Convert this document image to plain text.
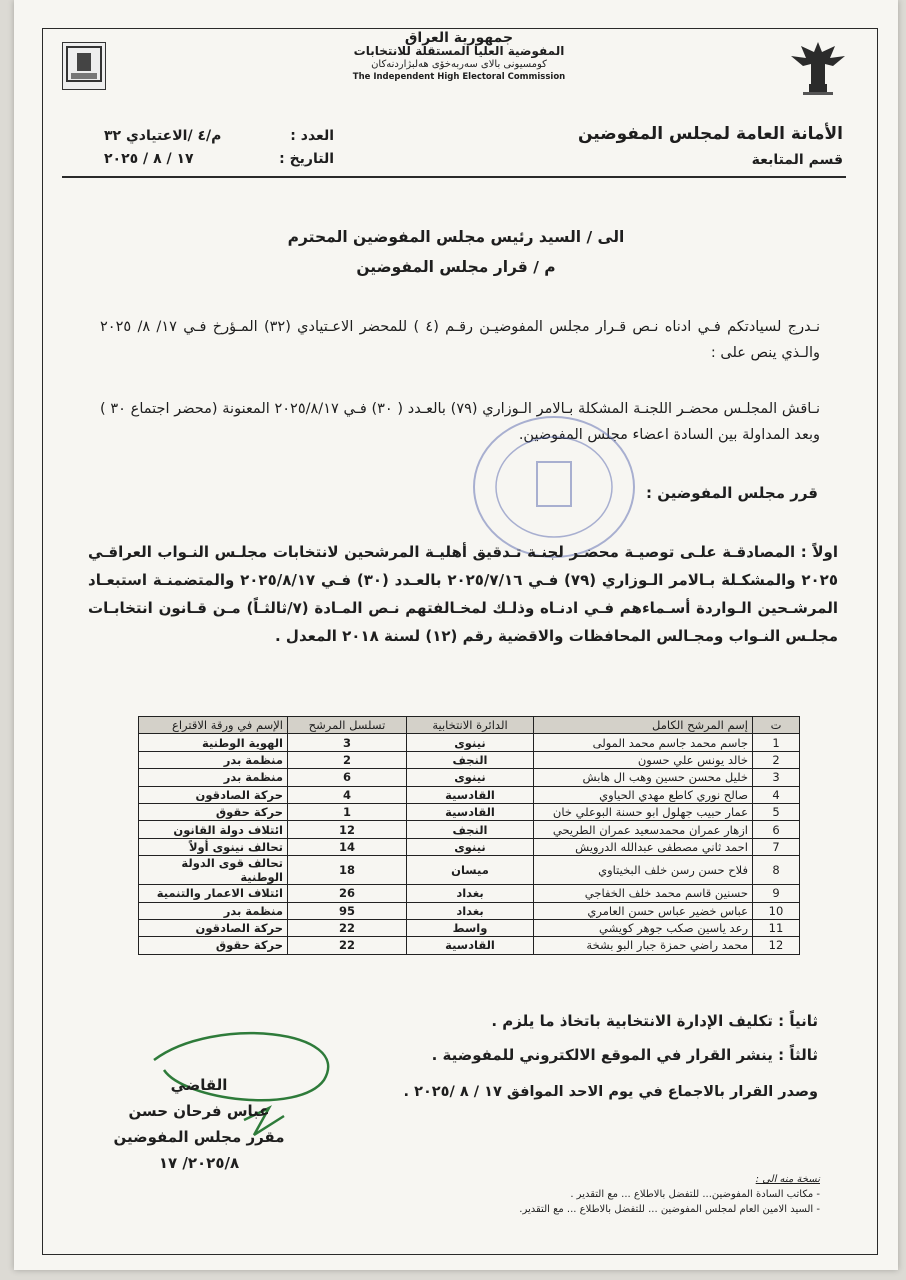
جمهورية العراق
المفوضية العليا المستقلة للانتخابات
كومسيونى بالاى سەربەخۆى هەلبژاردنەكان
The Independent High Electoral Commission
الأمانة العامة لمجلس المفوضين
قسم المتابعة
العدد :
م/٤ /الاعتيادي ٣٢
التاريخ :
١٧ / ٨ / ٢٠٢٥
الى / السيد رئيس مجلس المفوضين المحترم
م / قرار مجلس المفوضين
نـدرج لسيادتكم فـي ادناه نـص قـرار مجلس المفوضيـن رقـم (٤ ) للمحضر الاعـتيادي (٣٢) المـؤرخ فـي ١٧/ ٨/ ٢٠٢٥ والـذي ينص على :
نـاقش المجلـس محضـر اللجنـة المشكلة بـالامر الـوزاري (٧٩) بالعـدد ( ٣٠) فـي ٢٠٢٥/٨/١٧ المعنونة (محضر اجتماع ٣٠ ) وبعد المداولة بين السادة اعضاء مجلس المفوضين.
قرر مجلس المفوضين :
اولاً : المصادقـة علـى توصيـة محضـر لجنـة تـدقيق أهليـة المرشحين لانتخابات مجلـس النـواب العراقـي ٢٠٢٥ والمشكـلة بـالامر الـوزاري (٧٩) فـي ٢٠٢٥/٧/١٦ بالعـدد (٣٠) فـي ٢٠٢٥/٨/١٧ والمتضمنـة استبعـاد المرشـحين الـواردة أسـماءهم فـي ادنـاه وذلـك لمخـالفتهم نـص المـادة (٧/ثالثـاً) مـن قـانون انتخابـات مجلـس النـواب ومجـالس المحافظات والاقضية رقم (١٢) لسنة ٢٠١٨ المعدل .
ت	إسم المرشح الكامل	الدائرة الانتخابية	تسلسل المرشح	الإسم في ورقة الاقتراع
1	جاسم محمد جاسم محمد المولى	نينوى	3	الهوية الوطنية
2	خالد يونس علي حسون	النجف	2	منظمة بدر
3	خليل محسن حسين وهب ال هابش	نينوى	6	منظمة بدر
4	صالح نوري كاطع مهدي الحياوي	القادسية	4	حركة الصادقون
5	عمار حبيب جهلول ابو حسنة البوعلي خان	القادسية	1	حركة حقوق
6	ازهار عمران محمدسعيد عمران الطريحي	النجف	12	ائتلاف دولة القانون
7	احمد ثاني مصطفى عبدالله الدرويش	نينوى	14	تحالف نينوى أولاً
8	فلاح حسن رسن خلف البخيتاوي	ميسان	18	تحالف قوى الدولة الوطنية
9	حسنين قاسم محمد خلف الخفاجي	بغداد	26	ائتلاف الاعمار والتنمية
10	عباس خضير عباس حسن العامري	بغداد	95	منظمة بدر
11	رعد ياسين صكب جوهر كويشي	واسط	22	حركة الصادقون
12	محمد راضي حمزة جبار البو بشخة	القادسية	22	حركة حقوق
ثانياً : تكليف الإدارة الانتخابية باتخاذ ما يلزم .
ثالثاً : ينشر القرار في الموقع الالكتروني للمفوضية .
وصدر القرار بالاجماع في يوم الاحد الموافق ١٧ / ٨ /٢٠٢٥ .
القاضي
عباس فرحان حسن
مقرر مجلس المفوضين
٢٠٢٥/٨/ ١٧
نسخة منه الى :
- مكاتب السادة المفوضين... للتفضل بالاطلاع ... مع التقدير .
- السيد الامين العام لمجلس المفوضين ... للتفضل بالاطلاع ... مع التقدير.
